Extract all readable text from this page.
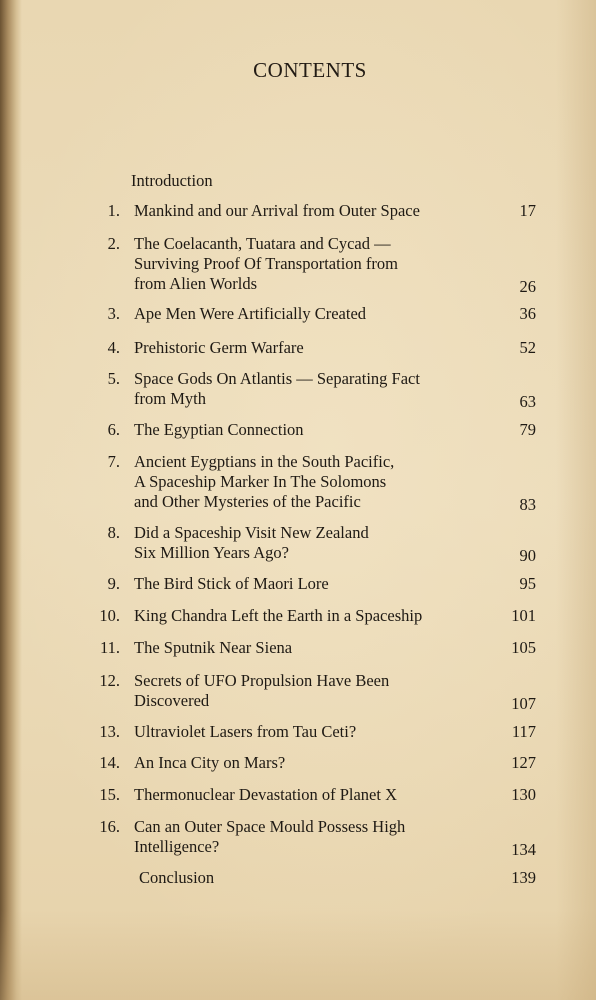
CONTENTS
Introduction
1. Mankind and our Arrival from Outer Space	17
2. The Coelacanth, Tuatara and Cycad —
Surviving Proof Of Transportation from
from Alien Worlds	26
3. Ape Men Were Artificially Created	36
4. Prehistoric Germ Warfare	52
5. Space Gods On Atlantis — Separating Fact
from Myth	63
6. The Egyptian Connection	79
7. Ancient Eygptians in the South Pacific,
A Spaceship Marker In The Solomons
and Other Mysteries of the Pacific	83
8. Did a Spaceship Visit New Zealand
Six Million Years Ago?	90
9. The Bird Stick of Maori Lore	95
10. King Chandra Left the Earth in a Spaceship	101
11. The Sputnik Near Siena	105
12. Secrets of UFO Propulsion Have Been
Discovered	107
13. Ultraviolet Lasers from Tau Ceti?	117
14. An Inca City on Mars?	127
15. Thermonuclear Devastation of Planet X	130
16. Can an Outer Space Mould Possess High
Intelligence?	134
Conclusion	139
